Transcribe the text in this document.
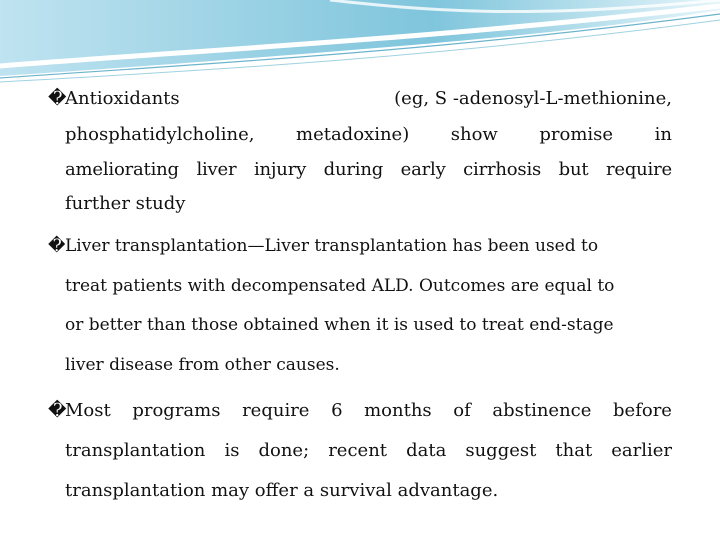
�Antioxidants	(eg, S -adenosyl-L-methionine,
phosphatidylcholine, metadoxine) show promise in
ameliorating liver injury during early cirrhosis but require
further study
�Liver transplantation—Liver transplantation has been used to
treat patients with decompensated ALD. Outcomes are equal to
or better than those obtained when it is used to treat end-stage
liver disease from other causes.
�Most programs require 6 months of abstinence before
transplantation is done; recent data suggest that earlier
transplantation may offer a survival advantage.
